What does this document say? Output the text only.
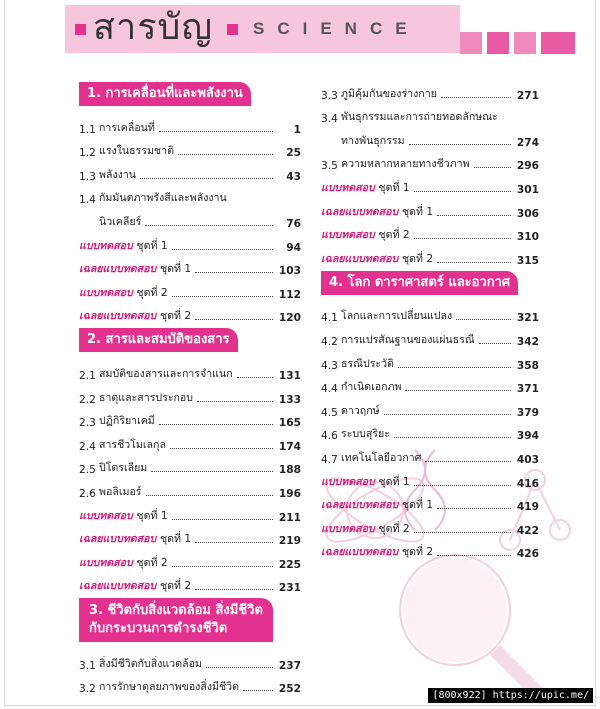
สารบัญ SCIENCE
1. การเคลื่อนที่และพลังงาน
1.1 การเคลื่อนที่	1
1.2 แรงในธรรมชาติ	25
1.3 พลังงาน	43
1.4 กัมมันตภาพรังสีและพลังงาน
นิวเคลียร์	76
แบบทดสอบ ชุดที่ 1	94
เฉลยแบบทดสอบ ชุดที่ 1	103
แบบทดสอบ ชุดที่ 2	112
เฉลยแบบทดสอบ ชุดที่ 2	120
2. สารและสมบัติของสาร
2.1 สมบัติของสารและการจำแนก	131
2.2 ธาตุและสารประกอบ	133
2.3 ปฏิกิริยาเคมี	165
2.4 สารชีวโมเลกุล	174
2.5 ปิโตรเลียม	188
2.6 พอลิเมอร์	196
แบบทดสอบ ชุดที่ 1	211
เฉลยแบบทดสอบ ชุดที่ 1	219
แบบทดสอบ ชุดที่ 2	225
เฉลยแบบทดสอบ ชุดที่ 2	231
3. ชีวิตกับสิ่งแวดล้อม สิ่งมีชีวิต
กับกระบวนการดำรงชีวิต
3.1 สิ่งมีชีวิตกับสิ่งแวดล้อม	237
3.2 การรักษาดุลยภาพของสิ่งมีชีวิต	252
3.3 ภูมิคุ้มกันของร่างกาย	271
3.4 พันธุกรรมและการถ่ายทอดลักษณะ
ทางพันธุกรรม	274
3.5 ความหลากหลายทางชีวภาพ	296
แบบทดสอบ ชุดที่ 1	301
เฉลยแบบทดสอบ ชุดที่ 1	306
แบบทดสอบ ชุดที่ 2	310
เฉลยแบบทดสอบ ชุดที่ 2	315
4. โลก ดาราศาสตร์ และอวกาศ
4.1 โลกและการเปลี่ยนแปลง	321
4.2 การแปรสัณฐานของแผ่นธรณี	342
4.3 ธรณีประวัติ	358
4.4 กำเนิดเอกภพ	371
4.5 ดาวฤกษ์	379
4.6 ระบบสุริยะ	394
4.7 เทคโนโลยีอวกาศ	403
แบบทดสอบ ชุดที่ 1	416
เฉลยแบบทดสอบ ชุดที่ 1	419
แบบทดสอบ ชุดที่ 2	422
เฉลยแบบทดสอบ ชุดที่ 2	426
[800x922] https://upic.me/
